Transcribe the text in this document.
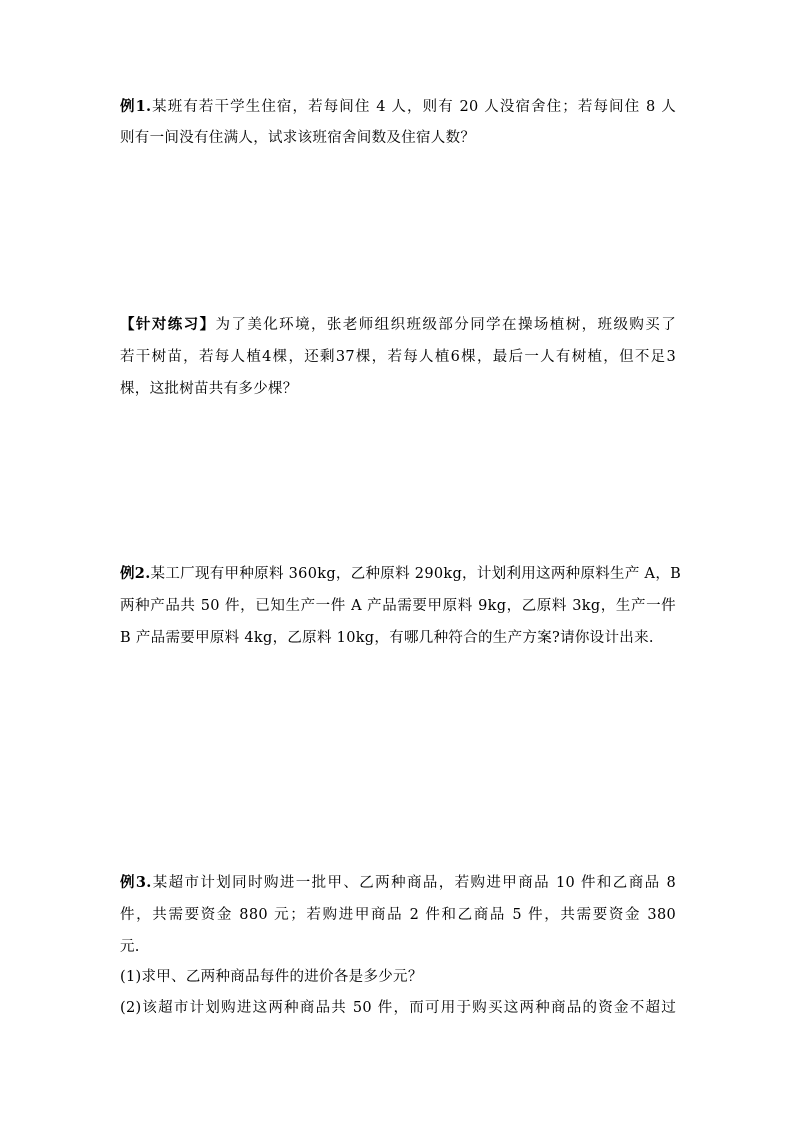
例1.某班有若干学生住宿，若每间住 4 人，则有 20 人没宿舍住；若每间住 8 人
则有一间没有住满人，试求该班宿舍间数及住宿人数？
【针对练习】为了美化环境，张老师组织班级部分同学在操场植树，班级购买了
若干树苗，若每人植4棵，还剩37棵，若每人植6棵，最后一人有树植，但不足3
棵，这批树苗共有多少棵？
例2.某工厂现有甲种原料 360kg，乙种原料 290kg，计划利用这两种原料生产 A，B
两种产品共 50 件，已知生产一件 A 产品需要甲原料 9kg，乙原料 3kg，生产一件
B 产品需要甲原料 4kg，乙原料 10kg，有哪几种符合的生产方案?请你设计出来.
例3.某超市计划同时购进一批甲、乙两种商品，若购进甲商品 10 件和乙商品 8
件，共需要资金 880 元；若购进甲商品 2 件和乙商品 5 件，共需要资金 380
元.
(1)求甲、乙两种商品每件的进价各是多少元？
(2)该超市计划购进这两种商品共 50 件，而可用于购买这两种商品的资金不超过
